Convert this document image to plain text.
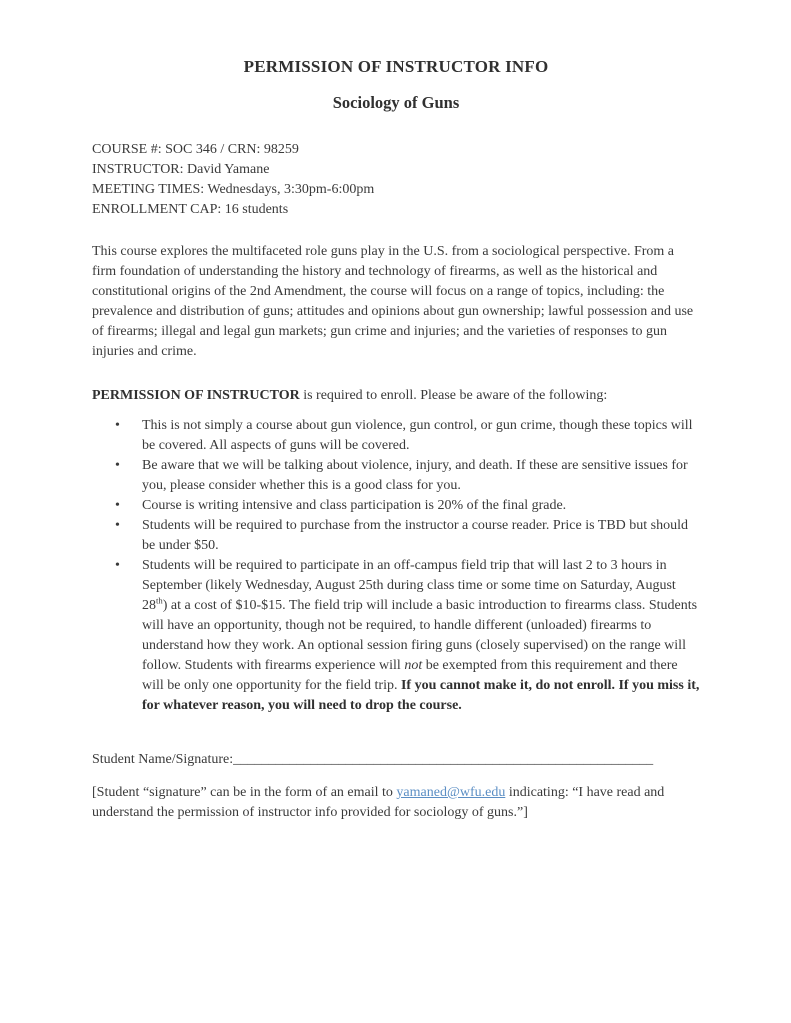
PERMISSION OF INSTRUCTOR INFO
Sociology of Guns
COURSE #: SOC 346 / CRN: 98259
INSTRUCTOR: David Yamane
MEETING TIMES: Wednesdays, 3:30pm-6:00pm
ENROLLMENT CAP: 16 students

This course explores the multifaceted role guns play in the U.S. from a sociological perspective. From a firm foundation of understanding the history and technology of firearms, as well as the historical and constitutional origins of the 2nd Amendment, the course will focus on a range of topics, including: the prevalence and distribution of guns; attitudes and opinions about gun ownership; lawful possession and use of firearms; illegal and legal gun markets; gun crime and injuries; and the varieties of responses to gun injuries and crime.

PERMISSION OF INSTRUCTOR is required to enroll. Please be aware of the following:

• This is not simply a course about gun violence, gun control, or gun crime, though these topics will be covered. All aspects of guns will be covered.
• Be aware that we will be talking about violence, injury, and death. If these are sensitive issues for you, please consider whether this is a good class for you.
• Course is writing intensive and class participation is 20% of the final grade.
• Students will be required to purchase from the instructor a course reader. Price is TBD but should be under $50.
• Students will be required to participate in an off-campus field trip that will last 2 to 3 hours in September (likely Wednesday, August 25th during class time or some time on Saturday, August 28th) at a cost of $10-$15. The field trip will include a basic introduction to firearms class. Students will have an opportunity, though not be required, to handle different (unloaded) firearms to understand how they work. An optional session firing guns (closely supervised) on the range will follow. Students with firearms experience will not be exempted from this requirement and there will be only one opportunity for the field trip. If you cannot make it, do not enroll. If you miss it, for whatever reason, you will need to drop the course.
Student Name/Signature:____________________________________________________________

[Student “signature” can be in the form of an email to yamaned@wfu.edu indicating: “I have read and understand the permission of instructor info provided for sociology of guns.”]
